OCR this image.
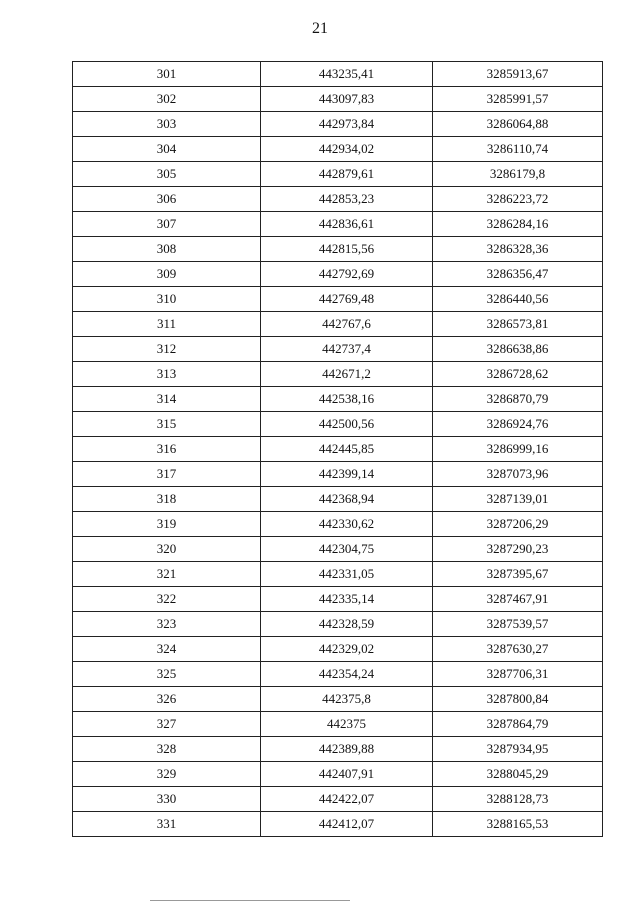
21
301	443235,41	3285913,67
302	443097,83	3285991,57
303	442973,84	3286064,88
304	442934,02	3286110,74
305	442879,61	3286179,8
306	442853,23	3286223,72
307	442836,61	3286284,16
308	442815,56	3286328,36
309	442792,69	3286356,47
310	442769,48	3286440,56
311	442767,6	3286573,81
312	442737,4	3286638,86
313	442671,2	3286728,62
314	442538,16	3286870,79
315	442500,56	3286924,76
316	442445,85	3286999,16
317	442399,14	3287073,96
318	442368,94	3287139,01
319	442330,62	3287206,29
320	442304,75	3287290,23
321	442331,05	3287395,67
322	442335,14	3287467,91
323	442328,59	3287539,57
324	442329,02	3287630,27
325	442354,24	3287706,31
326	442375,8	3287800,84
327	442375	3287864,79
328	442389,88	3287934,95
329	442407,91	3288045,29
330	442422,07	3288128,73
331	442412,07	3288165,53
